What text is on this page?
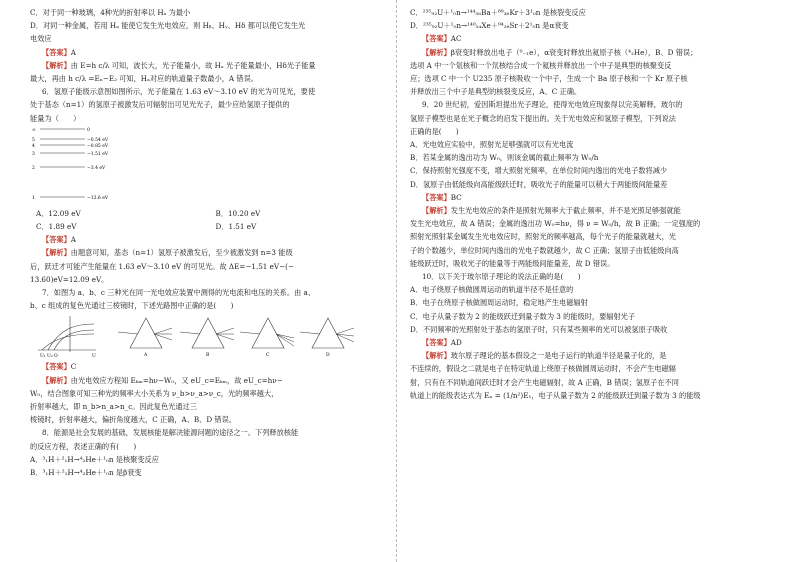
C．对于同一种玻璃，4种光的折射率以 Hₐ 为最小

D．对同一种金属，若用 Hₐ 能使它发生光电效应，则 Hᵦ、Hᵧ、Hδ 都可以使它发生光

电效应

【答案】A

【解析】由 E=h c/λ 可知，波长大，光子能量小，故 Hₐ 光子能量最小，Hδ光子能量

最大，再由 h c/λ =Eₙ−E₂ 可知，Hₐ对应的轨道量子数最小，A 错误。

6．氢原子能级示意图如图所示，光子能量在 1.63 eV～3.10 eV 的光为可见光，要使

处于基态（n=1）的氢原子被激发后可辐射出可见光光子，最少应给氢原子提供的

能量为（　　）

∞
5
4
3
2
1
0
−0.54 eV
−0.85 eV
−1.51 eV
−3.4 eV
−13.6 eV
A．12.09 eV	B．10.20 eV
C．1.89 eV	D．1.51 eV

【答案】A

【解析】由题意可知，基态（n=1）氢原子被激发后，至少被激发到 n=3 能级

后，跃迁才可能产生能量在 1.63 eV～3.10 eV 的可见光。故 ΔE=−1.51 eV−(−

13.60)eV=12.09 eV。

7．如图为 a、b、c 三种光在同一光电效应装置中测得的光电流和电压的关系。由 a、

b、c 组成的复色光通过三棱镜时，下述光路图中正确的是(　　)

U₁ U₂ O	U	A	B	C	D

【答案】C

【解析】由光电效应方程知 Eₖₘ=hν−W₀，又 eU_c=Eₖₘ，故 eU_c=hν−

W₀，结合图象可知三种光的频率大小关系为 ν_b>ν_a>ν_c，光的频率越大，

折射率越大，即 n_b>n_a>n_c。因此复色光通过三

棱镜时，折射率越大，偏折角度越大，C 正确，A、B、D 错误。

8．能源是社会发展的基础，发展核能是解决能源问题的途径之一。下列释放核能

的反应方程，表述正确的有(　　)

A．³₁H＋²₁H→⁴₂He＋¹₀n 是核聚变反应

B．³₁H＋²₁H→⁴₂He＋¹₀n 是β衰变

C．²³⁵₉₂U＋¹₀n→¹⁴⁴₅₆Ba＋⁸⁹₃₆Kr＋3¹₀n 是核裂变反应

D．²³⁵₉₂U＋¹₀n→¹⁴⁰₅₄Xe＋⁹⁴₃₈Sr＋2¹₀n 是α衰变

【答案】AC

【解析】β衰变时释放出电子（⁰₋₁e），α衰变时释放出氦原子核（⁴₂He），B、D 错误；

选项 A 中一个氚核和一个氘核结合成一个氦核并释放出一个中子是典型的核聚变反

应；选项 C 中一个 U235 原子核吸收一个中子，生成一个 Ba 原子核和一个 Kr 原子核

并释放出三个中子是典型的核裂变反应，A、C 正确。

9．20 世纪初，爱因斯坦提出光子理论，使得光电效应现象得以完美解释，玻尔的

氢原子模型也是在光子概念的启发下提出的。关于光电效应和氢原子模型，下列说法

正确的是(　　)

A．光电效应实验中，照射光足够强就可以有光电流

B．若某金属的逸出功为 W₀，则该金属的截止频率为 W₀/h

C．保持照射光强度不变，增大照射光频率，在单位时间内逸出的光电子数将减少

D．氢原子由低能级向高能级跃迁时，吸收光子的能量可以稍大于两能级间能量差

【答案】BC

【解析】发生光电效应的条件是照射光频率大于截止频率，并不是光照足够强就能

发生光电效应，故 A 错误；金属的逸出功 W₀=hν，得 ν = W₀/h，故 B 正确；一定强度的

照射光照射某金属发生光电效应时，照射光的频率越高，每个光子的能量就越大，光

子的个数越少，单位时间内逸出的光电子数就越少，故 C 正确；氢原子由低能级向高

能级跃迁时，吸收光子的能量等于两能级间能量差，故 D 错误。

10．以下关于玻尔原子理论的说法正确的是(　　)

A．电子绕原子核做圆周运动的轨道半径不是任意的

B．电子在绕原子核做圆周运动时，稳定地产生电磁辐射

C．电子从量子数为 2 的能级跃迁到量子数为 3 的能级时，要辐射光子

D．不同频率的光照射处于基态的氢原子时，只有某些频率的光可以被氢原子吸收

【答案】AD

【解析】玻尔原子理论的基本假设之一是电子运行的轨道半径是量子化的，是

不连续的，假设之二就是电子在特定轨道上绕原子核做圆周运动时，不会产生电磁辐

射，只有在不同轨道间跃迁时才会产生电磁辐射，故 A 正确，B 错误；氢原子在不同

轨道上的能级表达式为 Eₙ = (1/n²)E₁，电子从量子数为 2 的能级跃迁到量子数为 3 的能级
